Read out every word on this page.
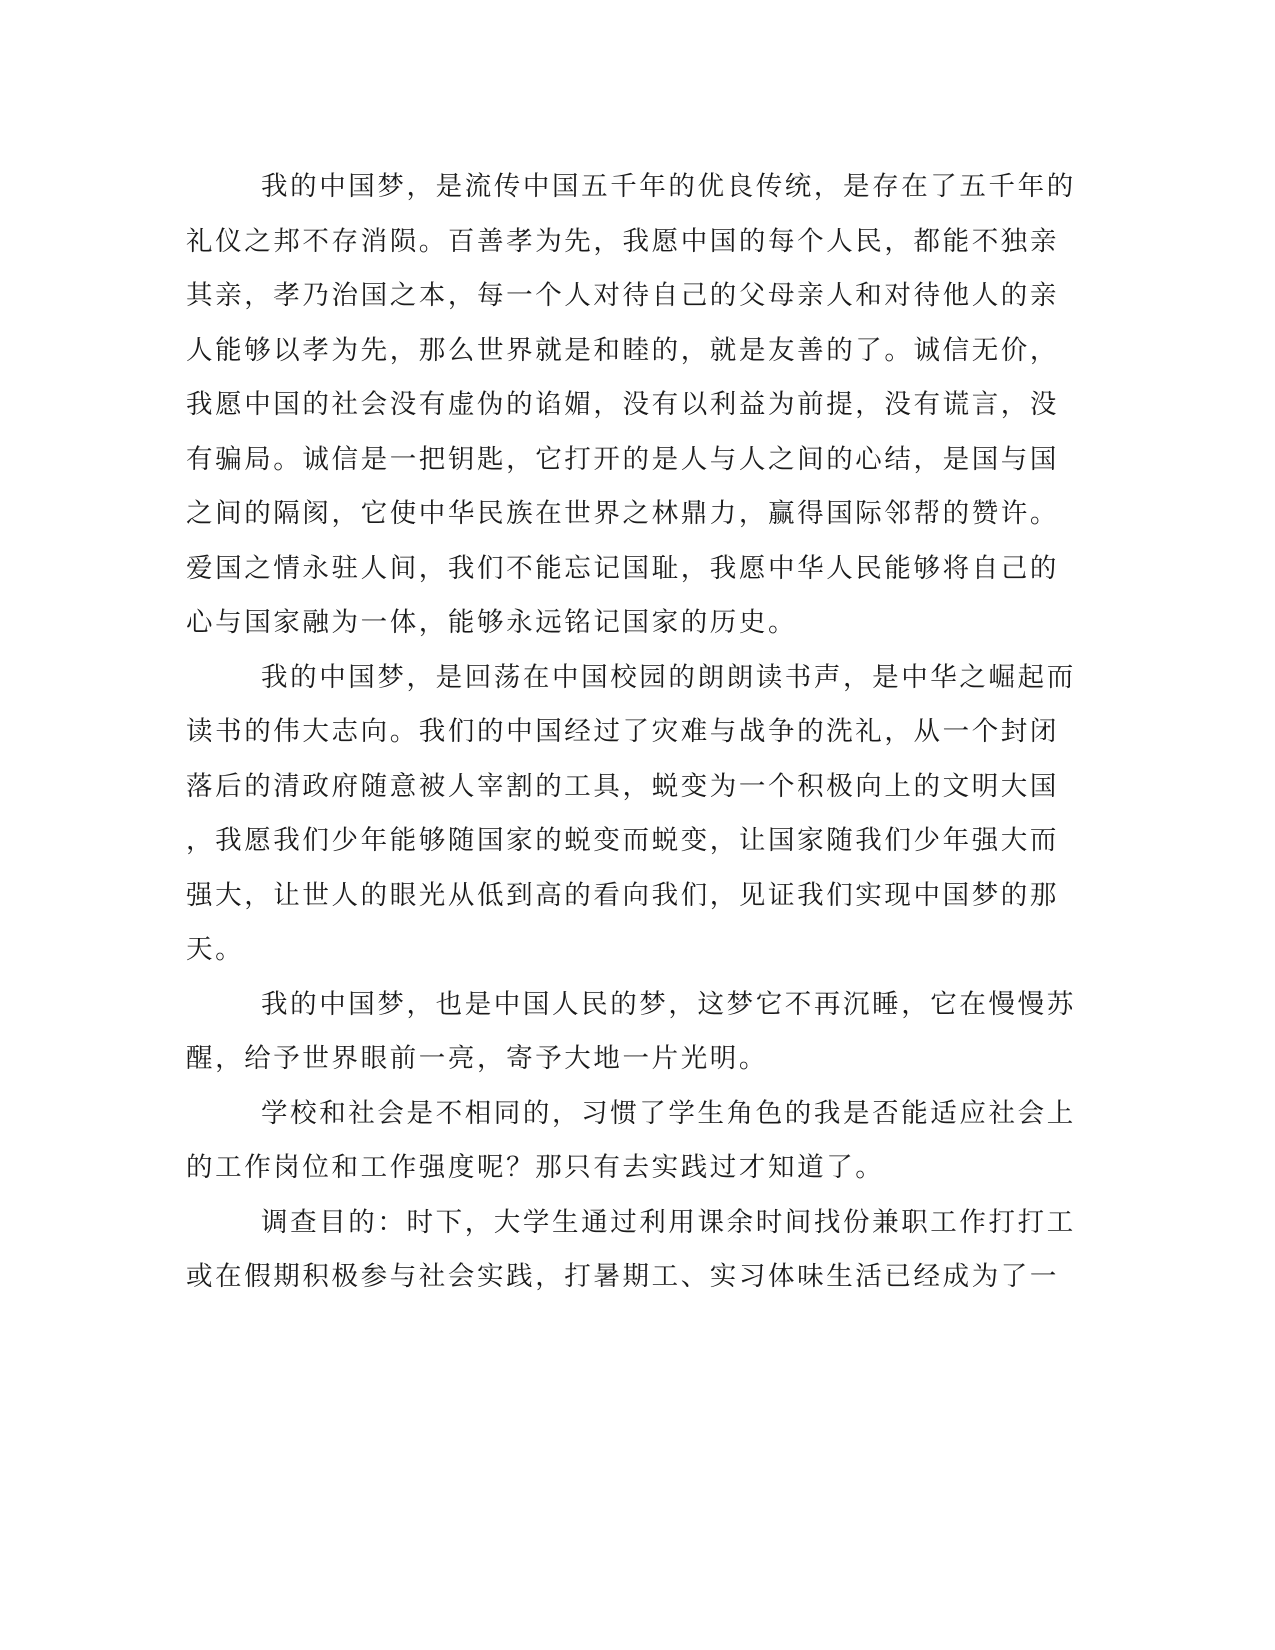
我的中国梦，是流传中国五千年的优良传统，是存在了五千年的
礼仪之邦不存消陨。百善孝为先，我愿中国的每个人民，都能不独亲
其亲，孝乃治国之本，每一个人对待自己的父母亲人和对待他人的亲
人能够以孝为先，那么世界就是和睦的，就是友善的了。诚信无价，
我愿中国的社会没有虚伪的谄媚，没有以利益为前提，没有谎言，没
有骗局。诚信是一把钥匙，它打开的是人与人之间的心结，是国与国
之间的隔阂，它使中华民族在世界之林鼎力，赢得国际邻帮的赞许。
爱国之情永驻人间，我们不能忘记国耻，我愿中华人民能够将自己的
心与国家融为一体，能够永远铭记国家的历史。
我的中国梦，是回荡在中国校园的朗朗读书声，是中华之崛起而
读书的伟大志向。我们的中国经过了灾难与战争的洗礼，从一个封闭
落后的清政府随意被人宰割的工具，蜕变为一个积极向上的文明大国
，我愿我们少年能够随国家的蜕变而蜕变，让国家随我们少年强大而
强大，让世人的眼光从低到高的看向我们，见证我们实现中国梦的那
天。
我的中国梦，也是中国人民的梦，这梦它不再沉睡，它在慢慢苏
醒，给予世界眼前一亮，寄予大地一片光明。
学校和社会是不相同的，习惯了学生角色的我是否能适应社会上
的工作岗位和工作强度呢？那只有去实践过才知道了。
调查目的：时下，大学生通过利用课余时间找份兼职工作打打工
或在假期积极参与社会实践，打暑期工、实习体味生活已经成为了一
